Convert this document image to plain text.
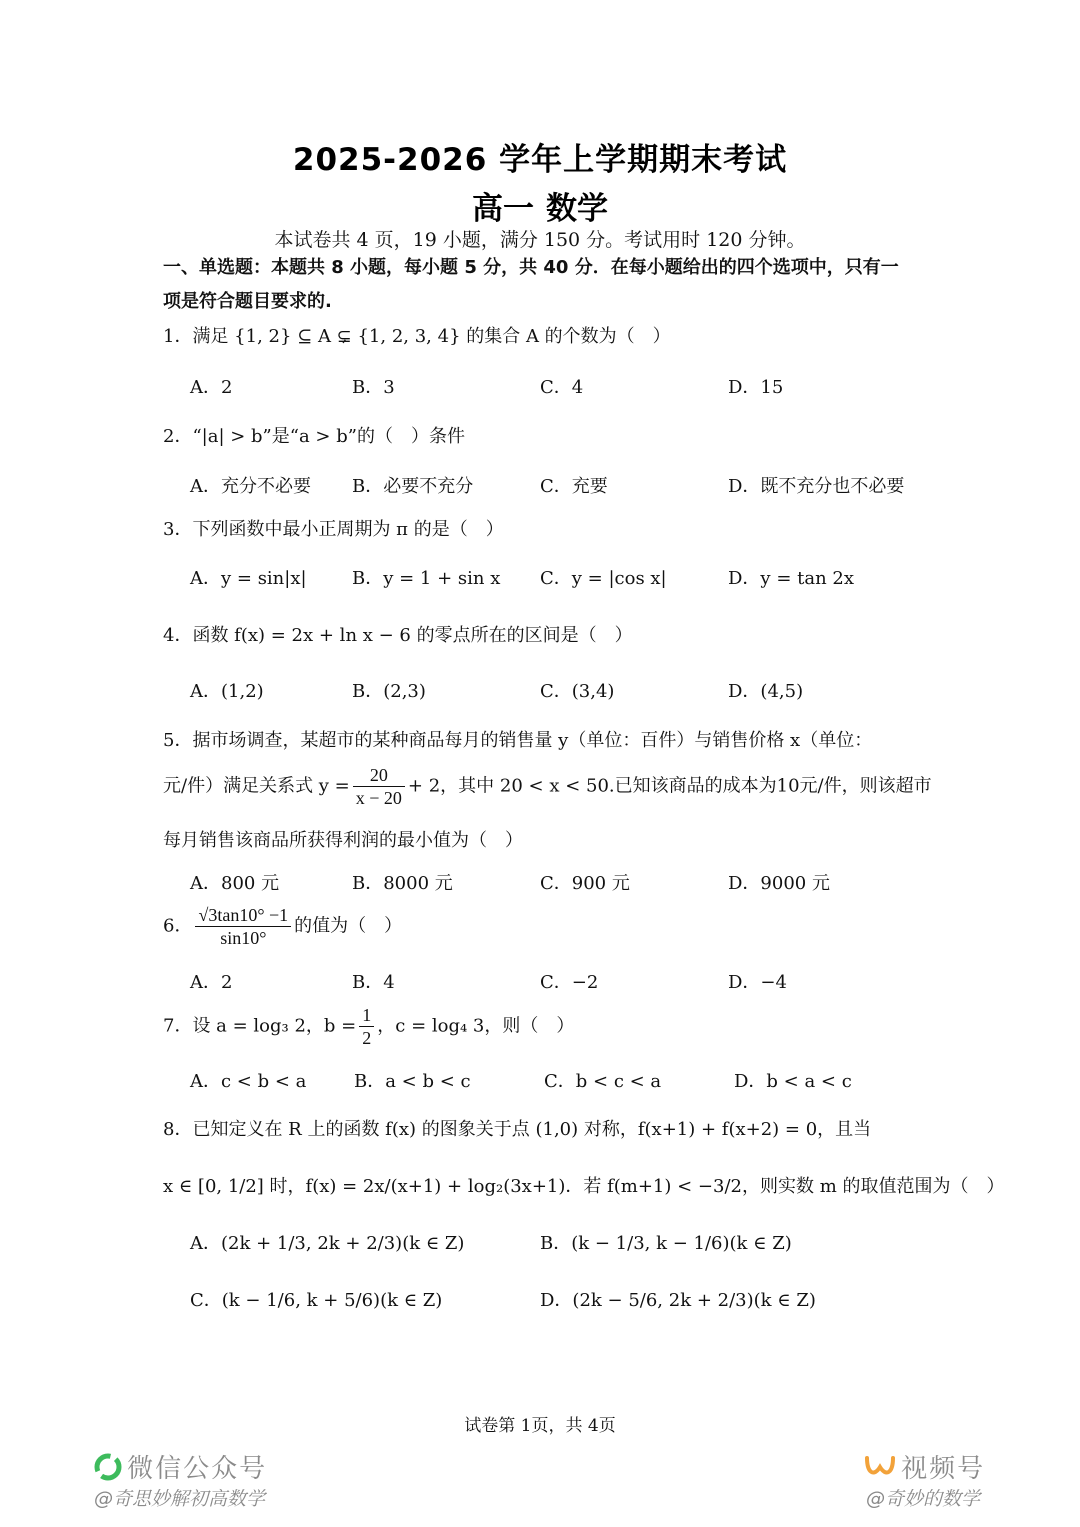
2025-2026 学年上学期期末考试
高一 数学
本试卷共 4 页，19 小题，满分 150 分。考试用时 120 分钟。
一、单选题：本题共 8 小题，每小题 5 分，共 40 分．在每小题给出的四个选项中，只有一
项是符合题目要求的.
1．满足 {1, 2} ⊆ A ⊊ {1, 2, 3, 4} 的集合 A 的个数为（　）
A．2	B．3	C．4	D．15
2．“|a| > b”是“a > b”的（　）条件
A．充分不必要 B．必要不充分	C．充要	D．既不充分也不必要
3．下列函数中最小正周期为 π 的是（　）
A．y = sin|x|	B．y = 1 + sin x C．y = |cos x|	D．y = tan 2x
4．函数 f(x) = 2x + ln x − 6 的零点所在的区间是（　）
A．(1,2)	B．(2,3)	C．(3,4)	D．(4,5)
5．据市场调查，某超市的某种商品每月的销售量 y（单位：百件）与销售价格 x（单位：
元/件）满足关系式 $y = \frac{20}{x - 20} + 2$，其中 20 < x < 50.已知该商品的成本为10元/件，则该超市
每月销售该商品所获得利润的最小值为（　）
A．800 元	B．8000 元	C．900 元	D．9000 元
6． $\frac{√3\tan 10^\circ -1}{\sin 10^\circ}$ 的值为（　）
A．2	B．4	C．−2	D．−4
7．设 a = log₃ 2，$b = \frac{1}{2}$ ，c = log₄ 3，则（　）
A．c < b < a	B．a < b < c	C．b < c < a	D．b < a < c
8．已知定义在 R 上的函数 f(x) 的图象关于点 (1,0) 对称，f(x+1) + f(x+2) = 0，且当
x ∈ [0, 1/2] 时，f(x) = 2x/(x+1) + log₂(3x+1)．若 f(m+1) < −3/2，则实数 m 的取值范围为（　）
A．(2k + 1/3, 2k + 2/3)(k ∈ Z)	B．(k − 1/3, k − 1/6)(k ∈ Z)
C．(k − 1/6, k + 5/6)(k ∈ Z)	D．(2k − 5/6, 2k + 2/3)(k ∈ Z)
试卷第 1页，共 4页
微信公众号
@奇思妙解初高数学
视频号
@奇妙的数学
